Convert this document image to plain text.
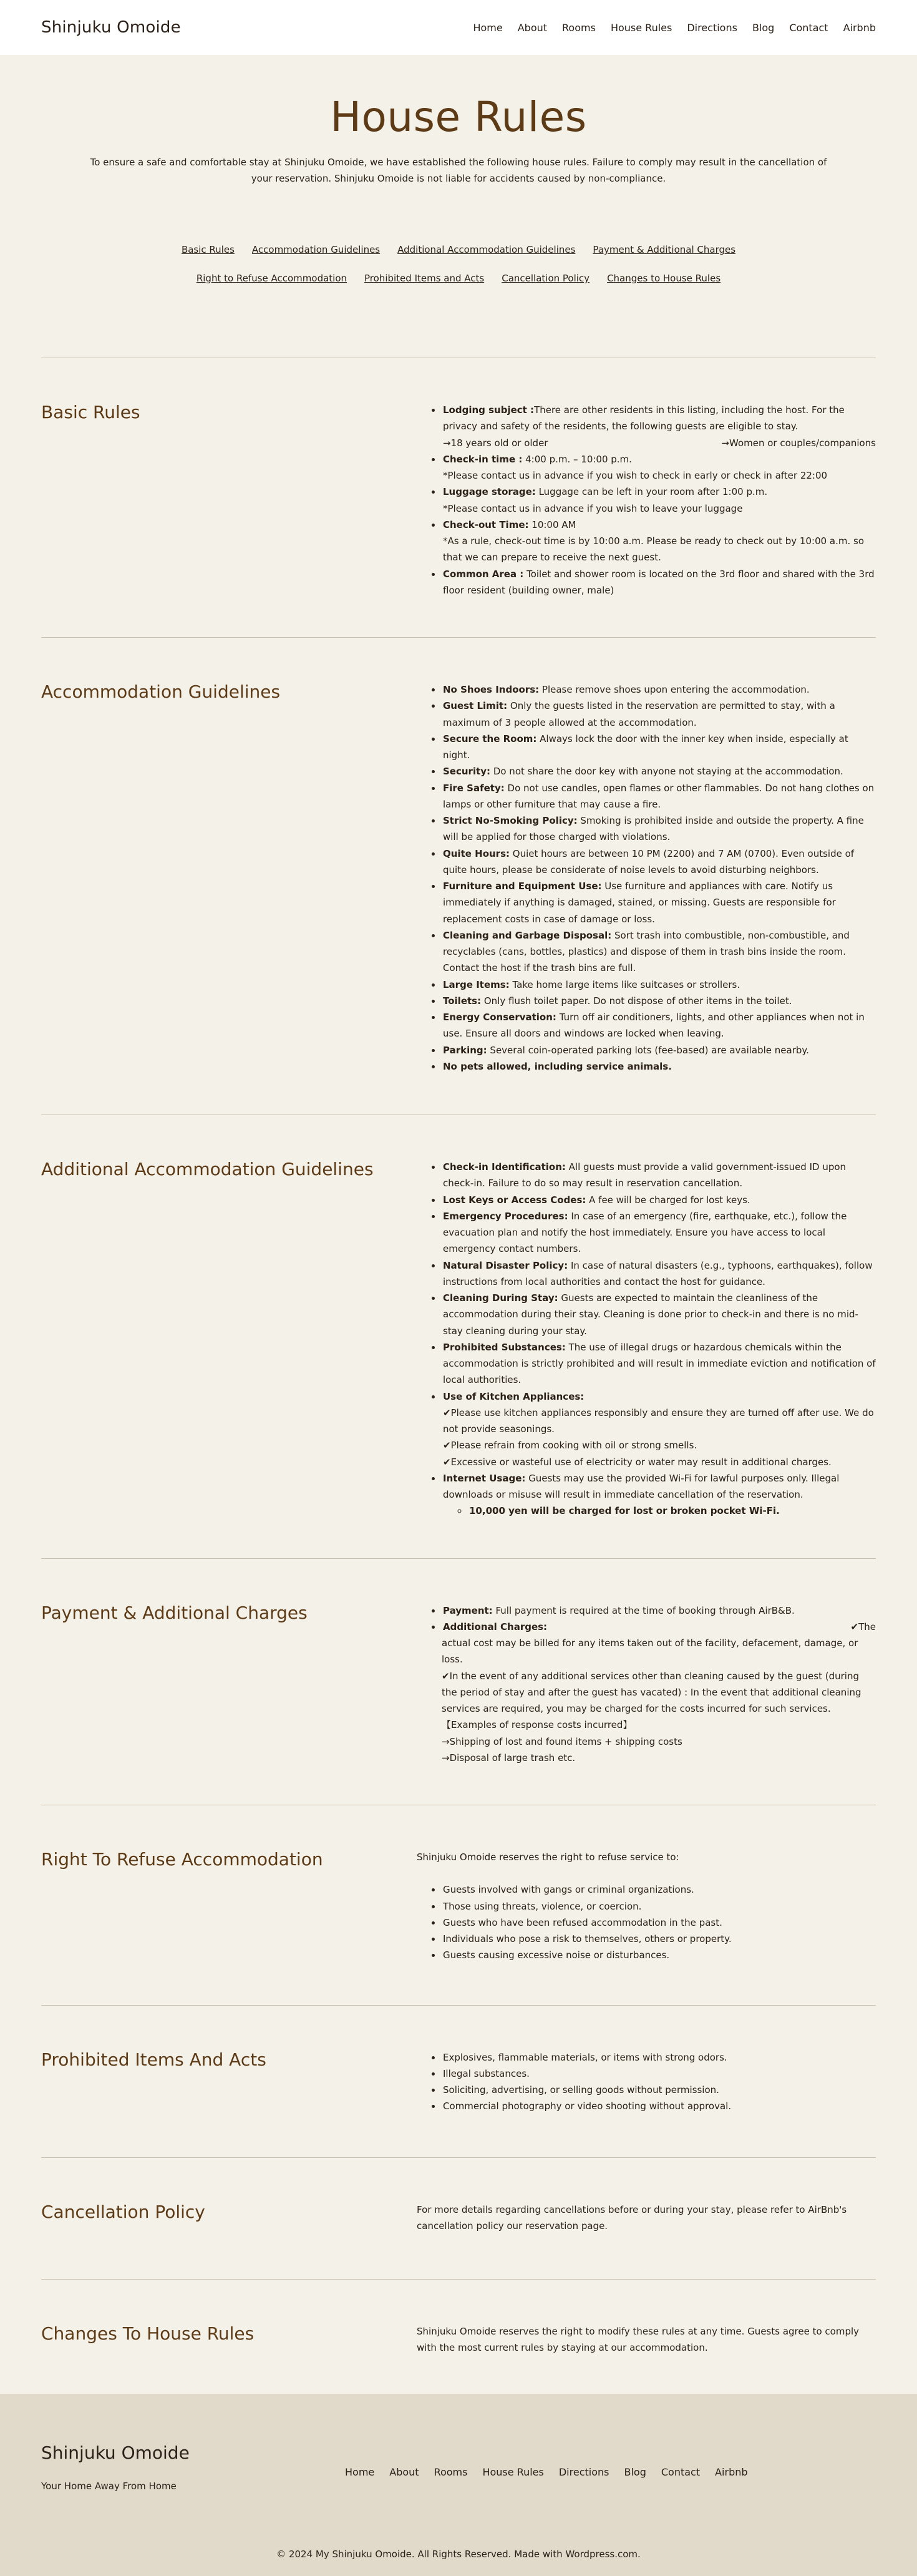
Shinjuku Omoide	Home About Rooms House Rules Directions Blog Contact Airbnb
House Rules

To ensure a safe and comfortable stay at Shinjuku Omoide, we have established the following house rules. Failure to comply may result in the cancellation of your reservation. Shinjuku Omoide is not liable for accidents caused by non-compliance.

Basic Rules Accommodation Guidelines Additional Accommodation Guidelines Payment & Additional Charges
Right to Refuse Accommodation Prohibited Items and Acts Cancellation Policy Changes to House Rules
Basic Rules	• Lodging subject :There are other residents in this listing, including the host. For the privacy and safety of the residents, the following guests are eligible to stay.
→18 years old or older	→Women or couples/companions
• Check-in time : 4:00 p.m. – 10:00 p.m.
*Please contact us in advance if you wish to check in early or check in after 22:00
• Luggage storage: Luggage can be left in your room after 1:00 p.m.
*Please contact us in advance if you wish to leave your luggage
• Check-out Time: 10:00 AM
*As a rule, check-out time is by 10:00 a.m. Please be ready to check out by 10:00 a.m. so that we can prepare to receive the next guest.
• Common Area : Toilet and shower room is located on the 3rd floor and shared with the 3rd floor resident (building owner, male)
Accommodation Guidelines	• No Shoes Indoors: Please remove shoes upon entering the accommodation.
• Guest Limit: Only the guests listed in the reservation are permitted to stay, with a maximum of 3 people allowed at the accommodation.
• Secure the Room: Always lock the door with the inner key when inside, especially at night.
• Security: Do not share the door key with anyone not staying at the accommodation.
• Fire Safety: Do not use candles, open flames or other flammables. Do not hang clothes on lamps or other furniture that may cause a fire.
• Strict No-Smoking Policy: Smoking is prohibited inside and outside the property. A fine will be applied for those charged with violations.
• Quite Hours: Quiet hours are between 10 PM (2200) and 7 AM (0700). Even outside of quite hours, please be considerate of noise levels to avoid disturbing neighbors.
• Furniture and Equipment Use: Use furniture and appliances with care. Notify us immediately if anything is damaged, stained, or missing. Guests are responsible for replacement costs in case of damage or loss.
• Cleaning and Garbage Disposal: Sort trash into combustible, non-combustible, and recyclables (cans, bottles, plastics) and dispose of them in trash bins inside the room. Contact the host if the trash bins are full.
• Large Items: Take home large items like suitcases or strollers.
• Toilets: Only flush toilet paper. Do not dispose of other items in the toilet.
• Energy Conservation: Turn off air conditioners, lights, and other appliances when not in use. Ensure all doors and windows are locked when leaving.
• Parking: Several coin-operated parking lots (fee-based) are available nearby.
• No pets allowed, including service animals.
Additional Accommodation Guidelines	• Check-in Identification: All guests must provide a valid government-issued ID upon check-in. Failure to do so may result in reservation cancellation.
• Lost Keys or Access Codes: A fee will be charged for lost keys.
• Emergency Procedures: In case of an emergency (fire, earthquake, etc.), follow the evacuation plan and notify the host immediately. Ensure you have access to local emergency contact numbers.
• Natural Disaster Policy: In case of natural disasters (e.g., typhoons, earthquakes), follow instructions from local authorities and contact the host for guidance.
• Cleaning During Stay: Guests are expected to maintain the cleanliness of the accommodation during their stay. Cleaning is done prior to check-in and there is no mid-stay cleaning during your stay.
• Prohibited Substances: The use of illegal drugs or hazardous chemicals within the accommodation is strictly prohibited and will result in immediate eviction and notification of local authorities.
• Use of Kitchen Appliances:
✔Please use kitchen appliances responsibly and ensure they are turned off after use. We do not provide seasonings.
✔Please refrain from cooking with oil or strong smells.
✔Excessive or wasteful use of electricity or water may result in additional charges.
• Internet Usage: Guests may use the provided Wi-Fi for lawful purposes only. Illegal downloads or misuse will result in immediate cancellation of the reservation.
◦ 10,000 yen will be charged for lost or broken pocket Wi-Fi.
Payment & Additional Charges	• Payment: Full payment is required at the time of booking through AirB&B.
• Additional Charges:	✔The
actual cost may be billed for any items taken out of the facility, defacement, damage, or loss.
✔In the event of any additional services other than cleaning caused by the guest (during the period of stay and after the guest has vacated) : In the event that additional cleaning services are required, you may be charged for the costs incurred for such services.
【Examples of response costs incurred】
→Shipping of lost and found items + shipping costs
→Disposal of large trash etc.
Right To Refuse Accommodation	Shinjuku Omoide reserves the right to refuse service to:

• Guests involved with gangs or criminal organizations.
• Those using threats, violence, or coercion.
• Guests who have been refused accommodation in the past.
• Individuals who pose a risk to themselves, others or property.
• Guests causing excessive noise or disturbances.
Prohibited Items And Acts	• Explosives, flammable materials, or items with strong odors.
• Illegal substances.
• Soliciting, advertising, or selling goods without permission.
• Commercial photography or video shooting without approval.
Cancellation Policy	For more details regarding cancellations before or during your stay, please refer to AirBnb's cancellation policy our reservation page.

Changes To House Rules	Shinjuku Omoide reserves the right to modify these rules at any time. Guests agree to comply with the most current rules by staying at our accommodation.

Shinjuku Omoide
Your Home Away From Home
Home About Rooms House Rules Directions Blog Contact Airbnb
© 2024 My Shinjuku Omoide. All Rights Reserved. Made with Wordpress.com.
